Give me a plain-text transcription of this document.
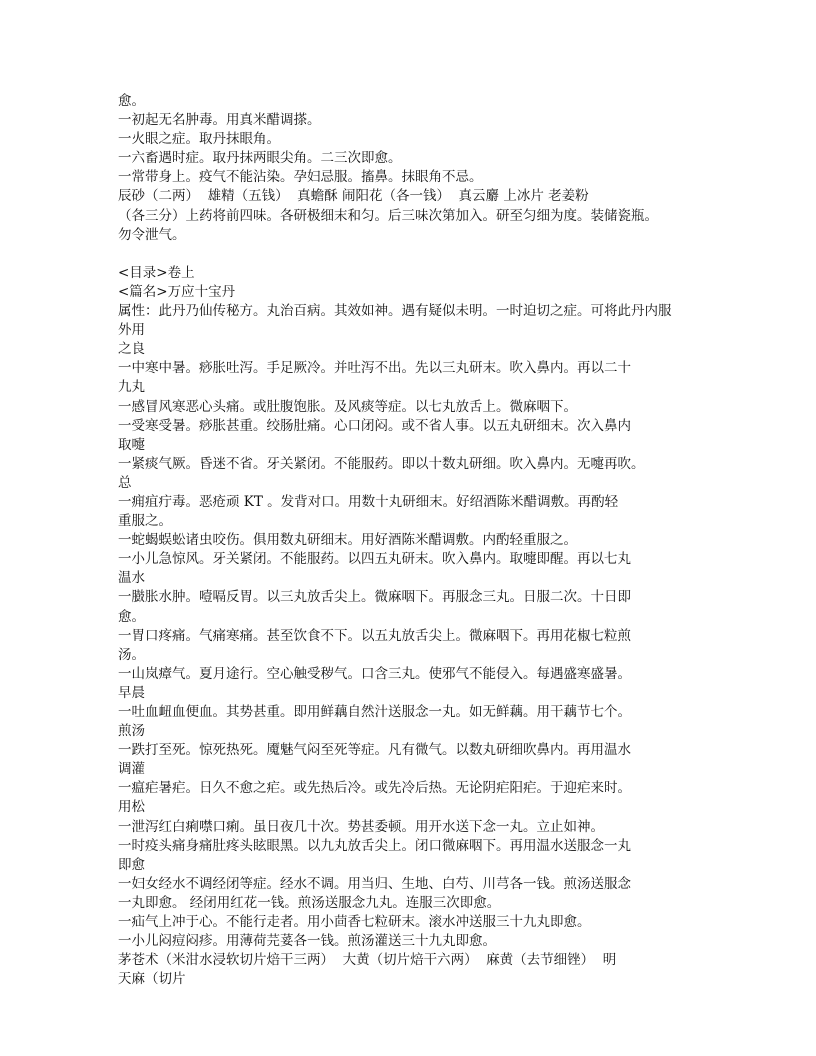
愈。
一初起无名肿毒。用真米醋调搽。
一火眼之症。取丹抹眼角。
一六畜遇时症。取丹抹两眼尖角。二三次即愈。
一常带身上。疫气不能沾染。孕妇忌服。搐鼻。抹眼角不忌。
辰砂（二两）  雄精（五钱）  真蟾酥 闹阳花（各一钱）  真云麝 上冰片 老姜粉
（各三分）上药将前四味。各研极细末和匀。后三味次第加入。研至匀细为度。装储瓷瓶。
勿令泄气。
<目录>卷上
<篇名>万应十宝丹
属性：此丹乃仙传秘方。丸治百病。其效如神。遇有疑似未明。一时迫切之症。可将此丹内服
外用
之良
一中寒中暑。痧胀吐泻。手足厥冷。并吐泻不出。先以三丸研末。吹入鼻内。再以二十
九丸
一感冒风寒恶心头痛。或肚腹饱胀。及风痰等症。以七丸放舌上。微麻咽下。
一受寒受暑。痧胀甚重。绞肠肚痛。心口闭闷。或不省人事。以五丸研细末。次入鼻内
取嚏
一紧痰气厥。昏迷不省。牙关紧闭。不能服药。即以十数丸研细。吹入鼻内。无嚏再吹。
总
一痈疽疔毒。恶疮顽 KT 。发背对口。用数十丸研细末。好绍酒陈米醋调敷。再酌轻
重服之。
一蛇蝎蜈蚣诸虫咬伤。俱用数丸研细末。用好酒陈米醋调敷。内酌轻重服之。
一小儿急惊风。牙关紧闭。不能服药。以四五丸研末。吹入鼻内。取嚏即醒。再以七丸
温水
一臌胀水肿。噎嗝反胃。以三丸放舌尖上。微麻咽下。再服念三丸。日服二次。十日即
愈。
一胃口疼痛。气痛寒痛。甚至饮食不下。以五丸放舌尖上。微麻咽下。再用花椒七粒煎
汤。
一山岚瘴气。夏月途行。空心触受秽气。口含三丸。使邪气不能侵入。每遇盛寒盛暑。
早晨
一吐血衄血便血。其势甚重。即用鲜藕自然汁送服念一丸。如无鲜藕。用干藕节七个。
煎汤
一跌打至死。惊死热死。魇魅气闷至死等症。凡有微气。以数丸研细吹鼻内。再用温水
调灌
一瘟疟暑疟。日久不愈之疟。或先热后冷。或先冷后热。无论阴疟阳疟。于迎疟来时。
用松
一泄泻红白痢噤口痢。虽日夜几十次。势甚委顿。用开水送下念一丸。立止如神。
一时疫头痛身痛肚疼头眩眼黑。以九丸放舌尖上。闭口微麻咽下。再用温水送服念一丸
即愈
一妇女经水不调经闭等症。经水不调。用当归、生地、白芍、川芎各一钱。煎汤送服念
一丸即愈。 经闭用红花一钱。煎汤送服念九丸。连服三次即愈。
一疝气上冲于心。不能行走者。用小茴香七粒研末。滚水冲送服三十九丸即愈。
一小儿闷痘闷疹。用薄荷芫荽各一钱。煎汤灌送三十九丸即愈。
茅苍术（米泔水浸软切片焙干三两）  大黄（切片焙干六两）  麻黄（去节细锉）  明
天麻（切片
